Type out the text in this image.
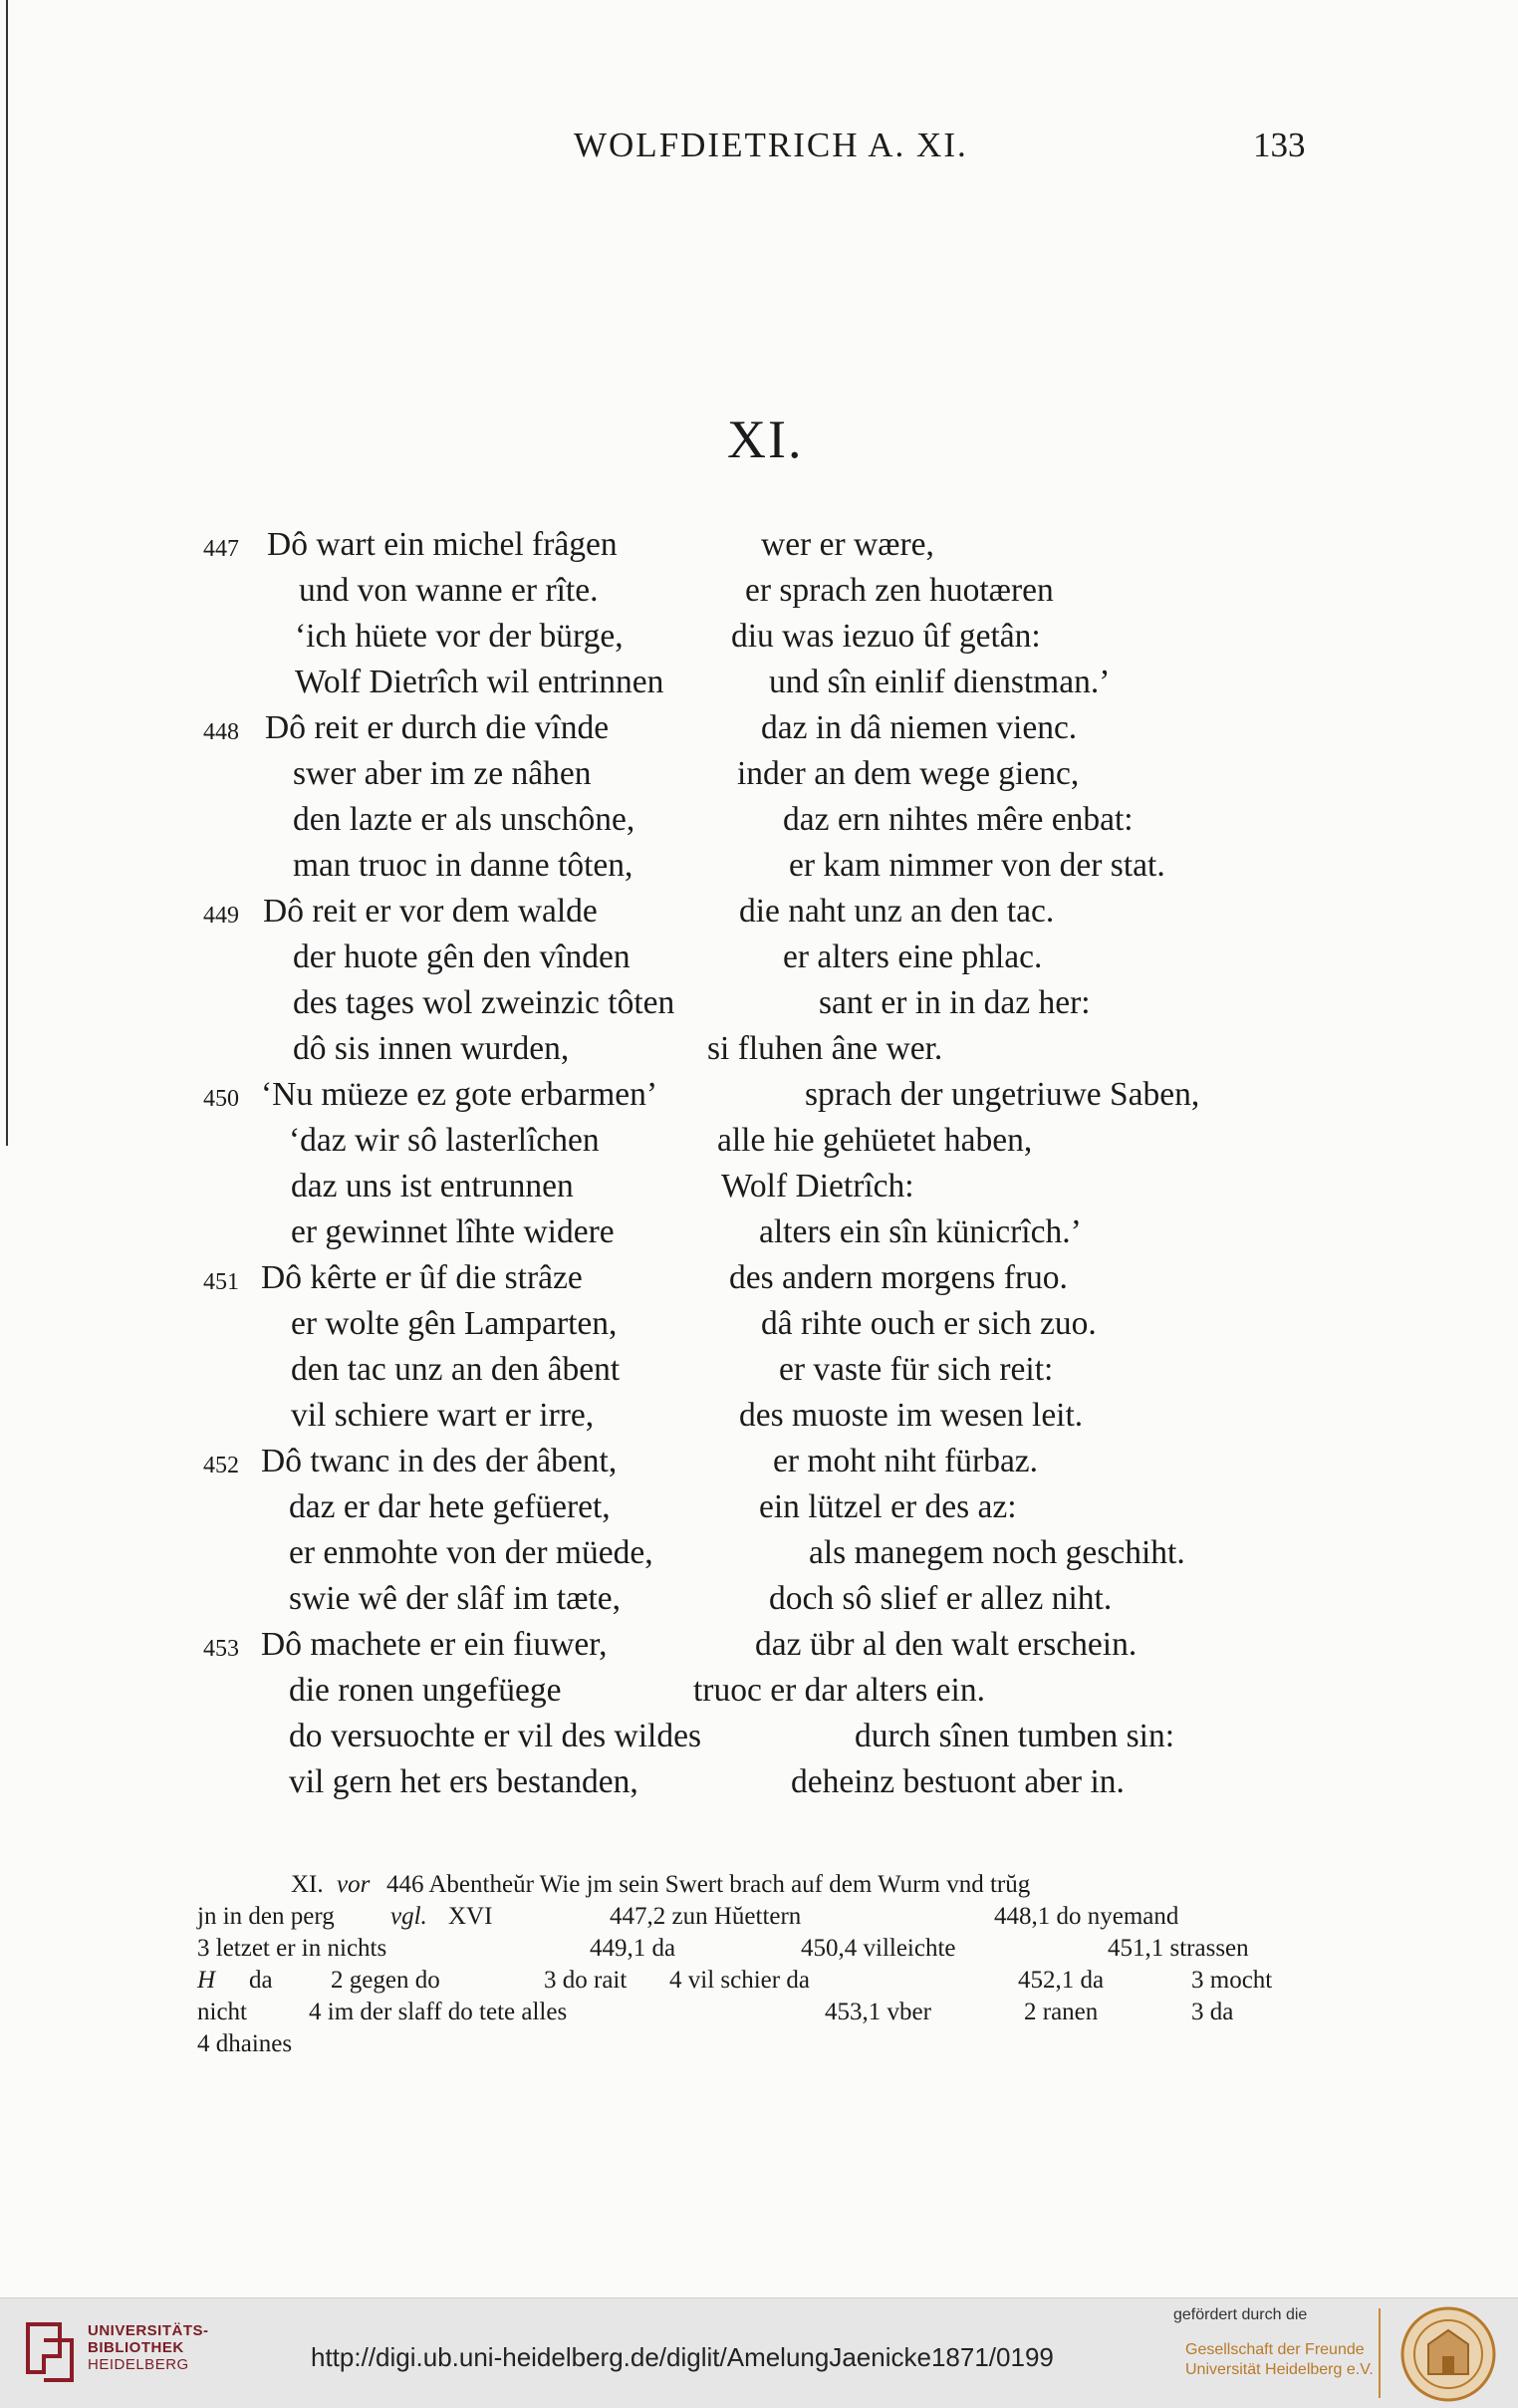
WOLFDIETRICH A. XI.	133
XI.
447 Dô wart ein michel frâgen	wer er wære,
und von wanne er rîte.	er sprach zen huotæren
‘ich hüete vor der bürge,	diu was iezuo ûf getân:
Wolf Dietrîch wil entrinnen	und sîn einlif dienstman.’
448 Dô reit er durch die vînde	daz in dâ niemen vienc.
swer aber im ze nâhen	inder an dem wege gienc,
den lazte er als unschône,	daz ern nihtes mêre enbat:
man truoc in danne tôten,	er kam nimmer von der stat.
449 Dô reit er vor dem walde	die naht unz an den tac.
der huote gên den vînden	er alters eine phlac.
des tages wol zweinzic tôten	sant er in in daz her:
dô sis innen wurden,	si fluhen âne wer.
450 ‘Nu müeze ez gote erbarmen’	sprach der ungetriuwe Saben,
‘daz wir sô lasterlîchen	alle hie gehüetet haben,
daz uns ist entrunnen	Wolf Dietrîch:
er gewinnet lîhte widere	alters ein sîn künicrîch.’
451 Dô kêrte er ûf die strâze	des andern morgens fruo.
er wolte gên Lamparten,	dâ rihte ouch er sich zuo.
den tac unz an den âbent	er vaste für sich reit:
vil schiere wart er irre,	des muoste im wesen leit.
452 Dô twanc in des der âbent,	er moht niht fürbaz.
daz er dar hete gefüeret,	ein lützel er des az:
er enmohte von der müede,	als manegem noch geschiht.
swie wê der slâf im tæte,	doch sô slief er allez niht.
453 Dô machete er ein fiuwer,	daz übr al den walt erschein.
die ronen ungefüege	truoc er dar alters ein.
do versuochte er vil des wildes	durch sînen tumben sin:
vil gern het ers bestanden,	deheinz bestuont aber in.
XI. vor 446 Abentheŭr Wie jm sein Swert brach auf dem Wurm vnd trŭg
jn in den perg vgl. XVI	447,2 zun Hŭettern	448,1 do nyemand
3 letzet er in nichts	449,1 da	450,4 villeichte	451,1 strassen
H da 2 gegen do	3 do rait 4 vil schier da	452,1 da	3 mocht
nicht 4 im der slaff do tete alles	453,1 vber	2 ranen	3 da
4 dhaines
UNIVERSITÄTS-
BIBLIOTHEK
HEIDELBERG	http://digi.ub.uni-heidelberg.de/diglit/AmelungJaenicke1871/0199
gefördert durch die
Gesellschaft der Freunde
Universität Heidelberg e.V.
